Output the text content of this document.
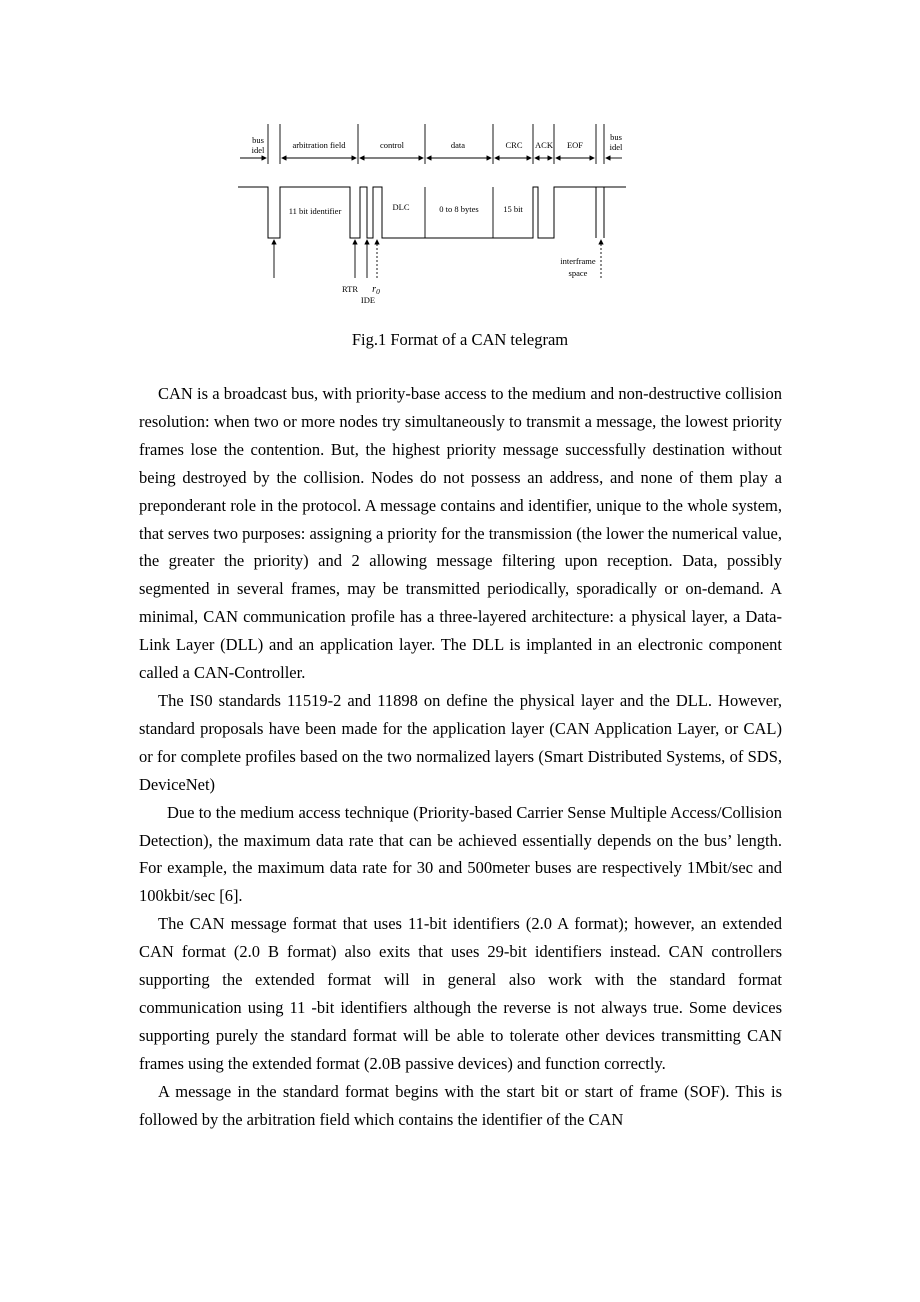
bus
idel	arbitration field	control	data	CRC ACK EOF
bus
idel
11 bit identifier	DLC	0 to 8 bytes	15 bit
RTR $r_0$
IDE
interframe
space
Fig.1 Format of a CAN telegram

CAN is a broadcast bus, with priority-base access to the medium and non-destructive collision resolution: when two or more nodes try simultaneously to transmit a message, the lowest priority frames lose the contention. But, the highest priority message successfully destination without being destroyed by the collision. Nodes do not possess an address, and none of them play a preponderant role in the protocol. A message contains and identifier, unique to the whole system, that serves two purposes: assigning a priority for the transmission (the lower the numerical value, the greater the priority) and 2 allowing message filtering upon reception. Data, possibly segmented in several frames, may be transmitted periodically, sporadically or on-demand. A minimal, CAN communication profile has a three-layered architecture: a physical layer, a Data-Link Layer (DLL) and an application layer. The DLL is implanted in an electronic component called a CAN-Controller.

The IS0 standards 11519-2 and 11898 on define the physical layer and the DLL. However, standard proposals have been made for the application layer (CAN Application Layer, or CAL) or for complete profiles based on the two normalized layers (Smart Distributed Systems, of SDS, DeviceNet)

Due to the medium access technique (Priority-based Carrier Sense Multiple Access/Collision Detection), the maximum data rate that can be achieved essentially depends on the bus’ length. For example, the maximum data rate for 30 and 500meter buses are respectively 1Mbit/sec and 100kbit/sec [6].

The CAN message format that uses 11-bit identifiers (2.0 A format); however, an extended CAN format (2.0 B format) also exits that uses 29-bit identifiers instead. CAN controllers supporting the extended format will in general also work with the standard format communication using 11 -bit identifiers although the reverse is not always true. Some devices supporting purely the standard format will be able to tolerate other devices transmitting CAN frames using the extended format (2.0B passive devices) and function correctly.

A message in the standard format begins with the start bit or start of frame (SOF). This is followed by the arbitration field which contains the identifier of the CAN
